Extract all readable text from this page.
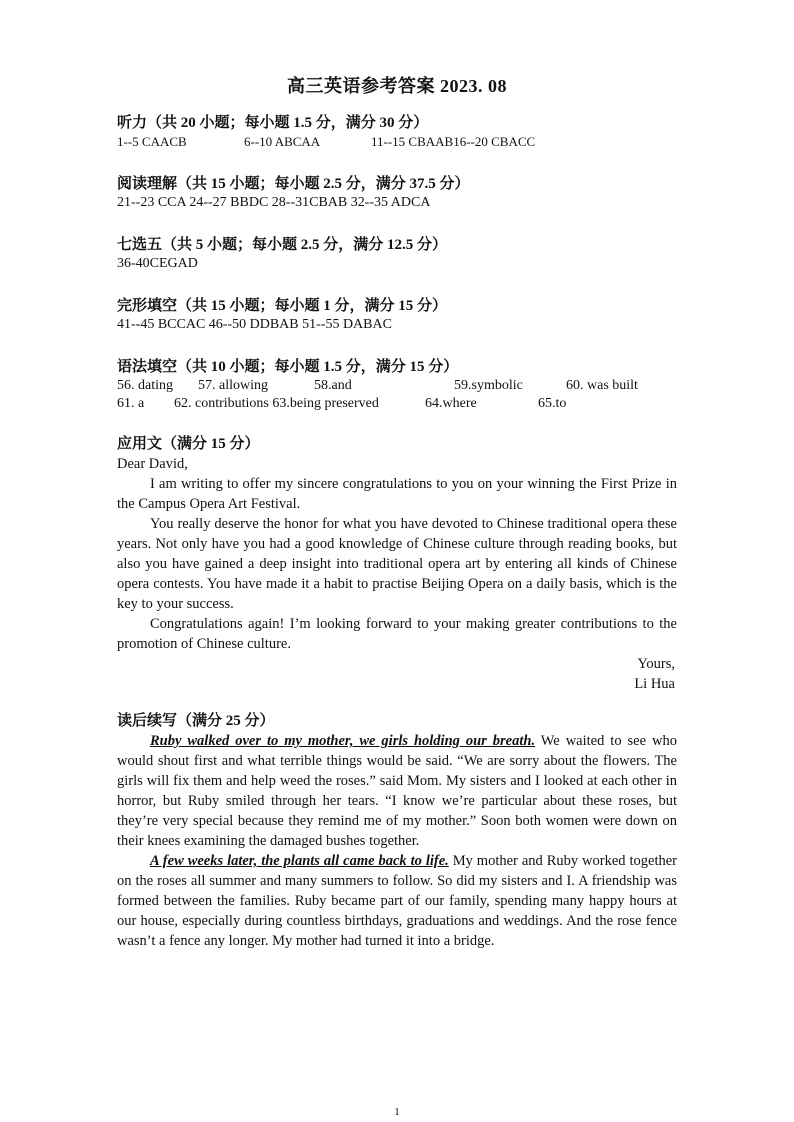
高三英语参考答案 2023. 08
听力（共 20 小题；每小题 1.5 分，满分 30 分）
1--5 CAACB	6--10 ABCAA	11--15 CBAAB16--20 CBACC
阅读理解（共 15 小题；每小题 2.5 分，满分 37.5 分）
21--23 CCA 24--27 BBDC 28--31CBAB 32--35 ADCA
七选五（共 5 小题；每小题 2.5 分，满分 12.5 分）
36-40CEGAD
完形填空（共 15 小题；每小题 1 分，满分 15 分）
41--45 BCCAC 46--50 DDBAB 51--55 DABAC
语法填空（共 10 小题；每小题 1.5 分，满分 15 分）
56. dating 57. allowing	58.and	59.symbolic	60. was built
61. a 62. contributions 63.being preserved	64.where	65.to
应用文（满分 15 分）

Dear David,

I am writing to offer my sincere congratulations to you on your winning the First Prize in the Campus Opera Art Festival.

You really deserve the honor for what you have devoted to Chinese traditional opera these years. Not only have you had a good knowledge of Chinese culture through reading books, but also you have gained a deep insight into traditional opera art by entering all kinds of Chinese opera contests. You have made it a habit to practise Beijing Opera on a daily basis, which is the key to your success.

Congratulations again! I’m looking forward to your making greater contributions to the promotion of Chinese culture.

Yours,

Li Hua

读后续写（满分 25 分）

Ruby walked over to my mother, we girls holding our breath. We waited to see who would shout first and what terrible things would be said. “We are sorry about the flowers. The girls will fix them and help weed the roses.” said Mom. My sisters and I looked at each other in horror, but Ruby smiled through her tears. “I know we’re particular about these roses, but they’re very special because they remind me of my mother.” Soon both women were down on their knees examining the damaged bushes together.

A few weeks later, the plants all came back to life. My mother and Ruby worked together on the roses all summer and many summers to follow. So did my sisters and I. A friendship was formed between the families. Ruby became part of our family, spending many happy hours at our house, especially during countless birthdays, graduations and weddings. And the rose fence wasn’t a fence any longer. My mother had turned it into a bridge.

1
